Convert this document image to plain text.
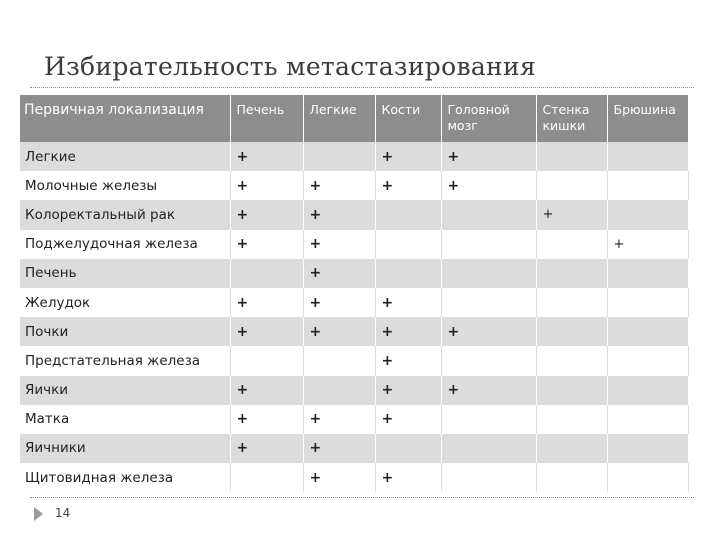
Избирательность метастазирования
Первичная локализация	Печень	Легкие	Кости	Головной мозг	Стенка кишки	Брюшина
Легкие	+		+	+		
Молочные железы	+	+	+	+		
Колоректальный рак	+	+			+	
Поджелудочная железа	+	+				+
Печень		+				
Желудок	+	+	+			
Почки	+	+	+	+		
Предстательная железа			+			
Яички	+		+	+		
Матка	+	+	+			
Яичники	+	+				
Щитовидная железа		+	+			
14
